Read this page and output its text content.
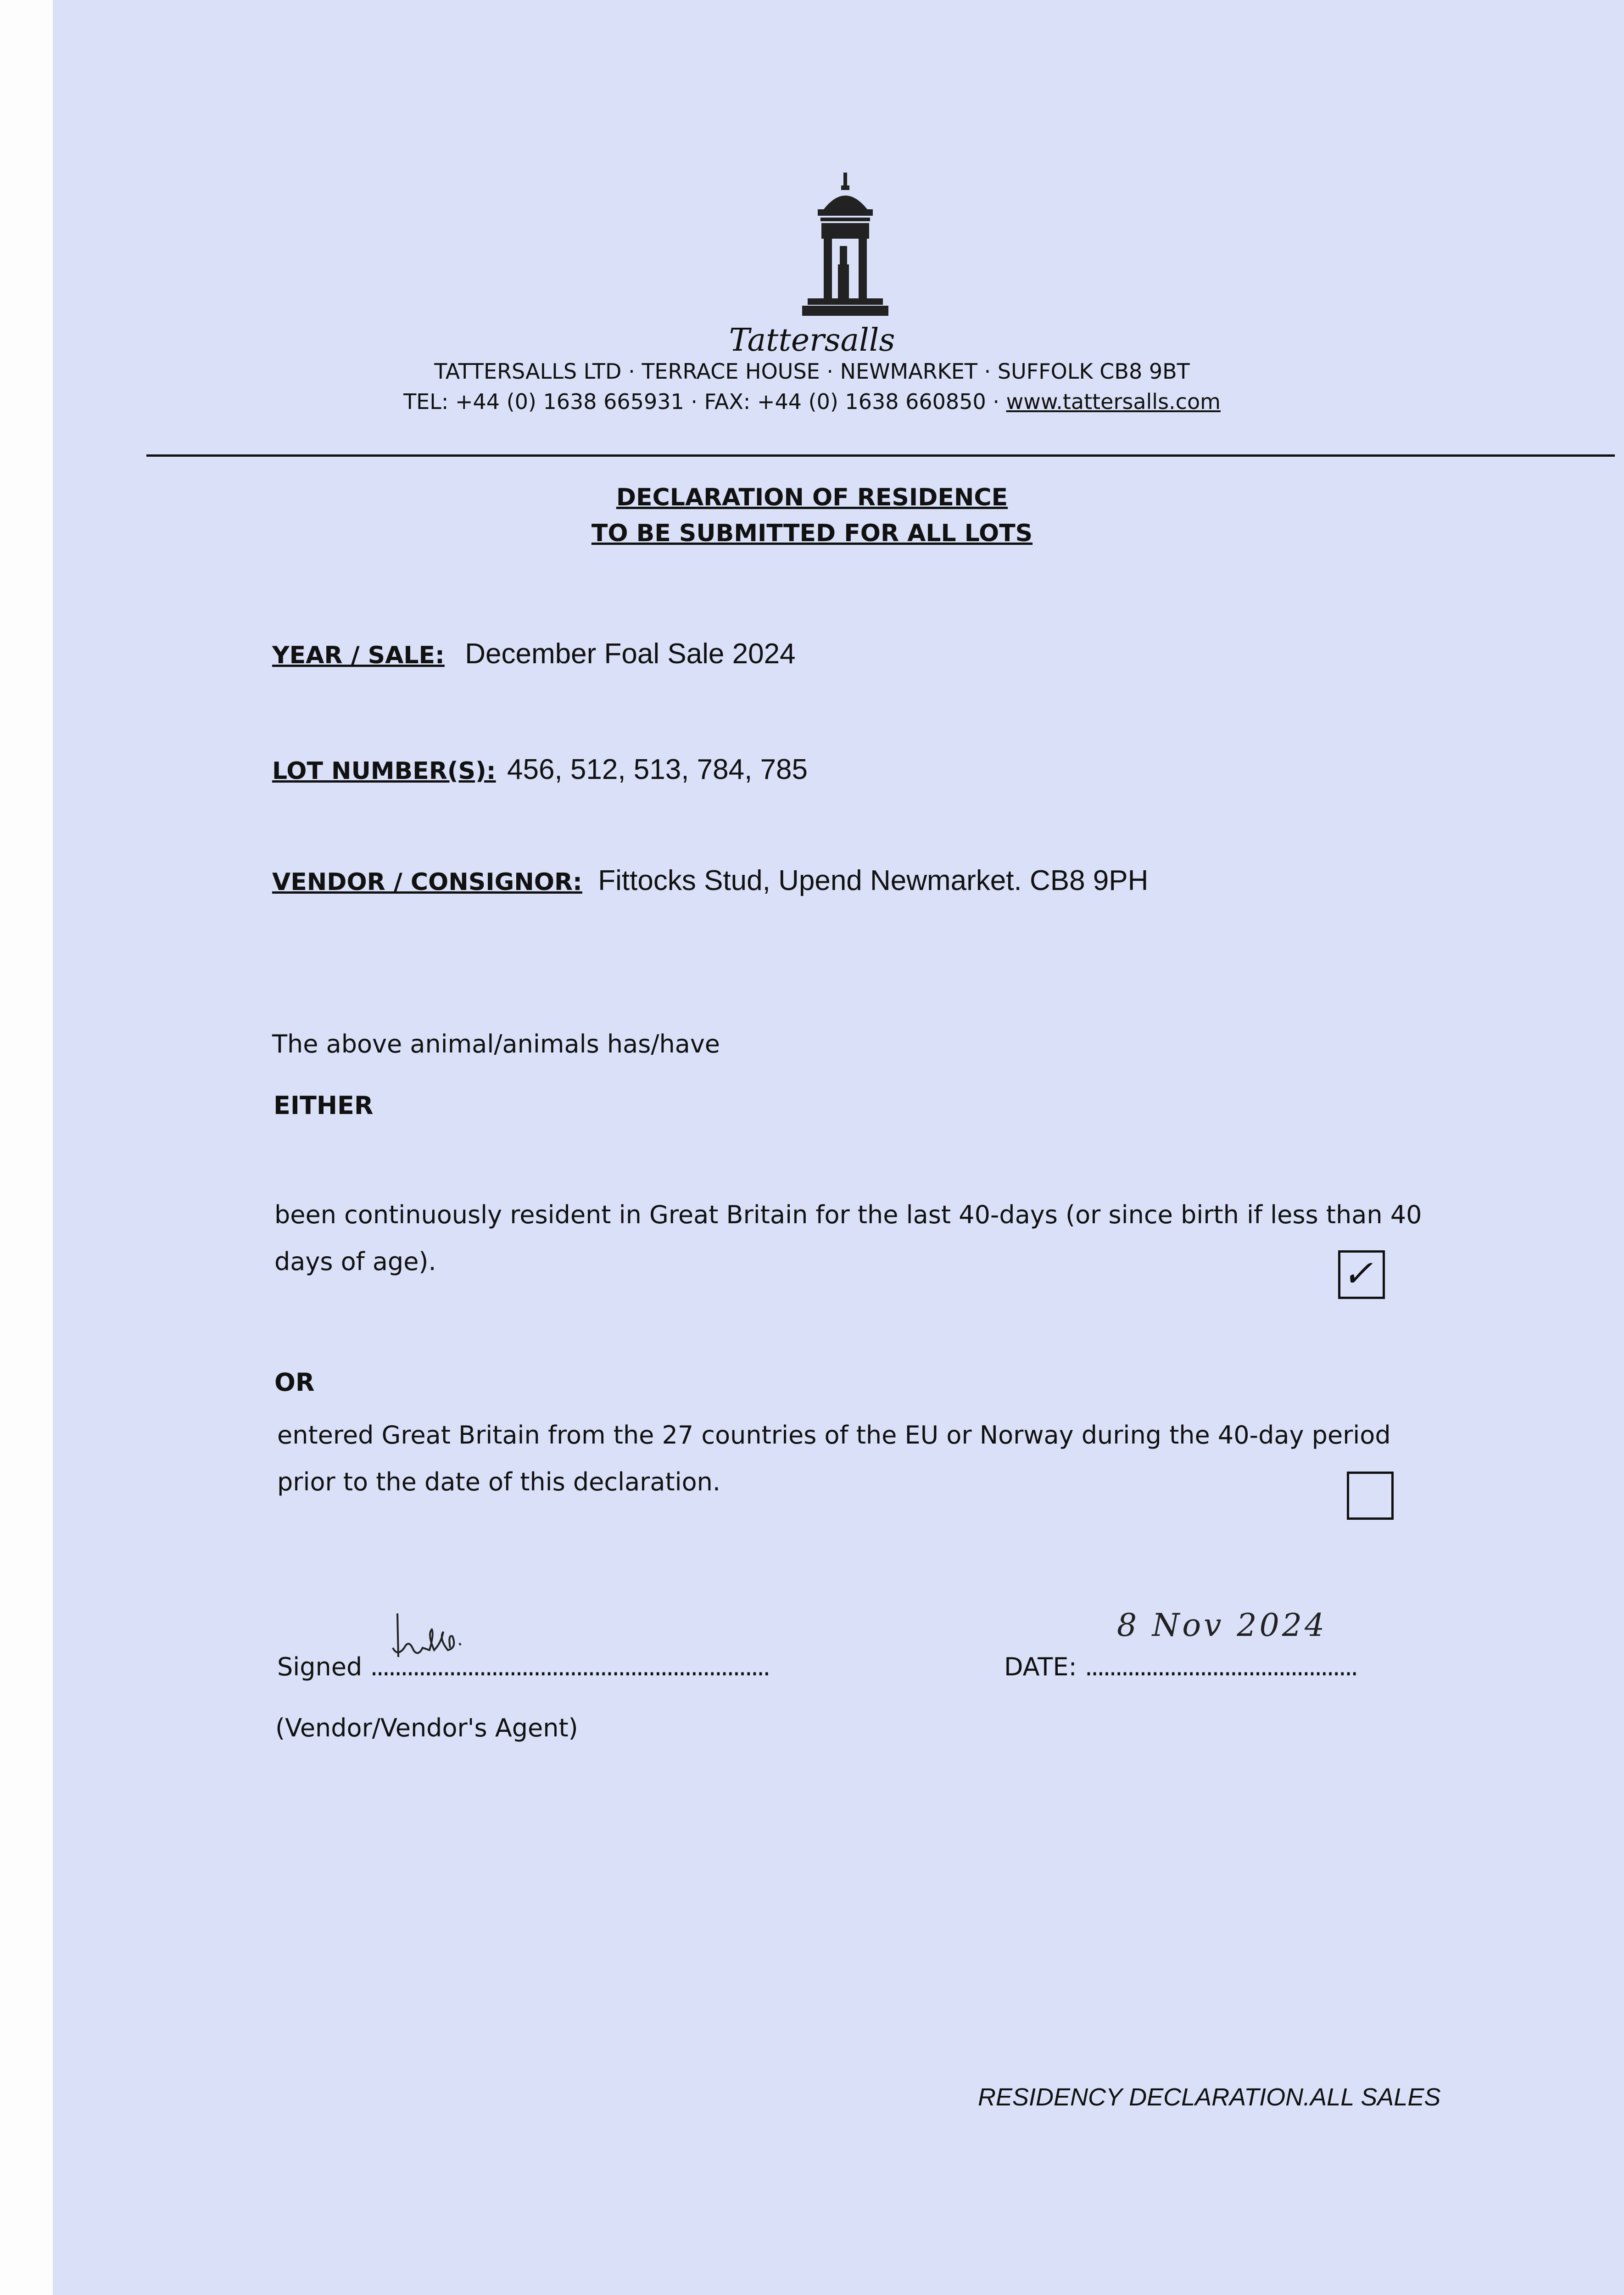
Tattersalls
TATTERSALLS LTD · TERRACE HOUSE · NEWMARKET · SUFFOLK CB8 9BT
TEL: +44 (0) 1638 665931 · FAX: +44 (0) 1638 660850 · www.tattersalls.com
DECLARATION OF RESIDENCE
TO BE SUBMITTED FOR ALL LOTS
YEAR / SALE: December Foal Sale 2024
LOT NUMBER(S): 456, 512, 513, 784, 785
VENDOR / CONSIGNOR: Fittocks Stud, Upend Newmarket. CB8 9PH
The above animal/animals has/have
EITHER
been continuously resident in Great Britain for the last 40-days (or since birth if less than 40
days of age).	✓
OR
entered Great Britain from the 27 countries of the EU or Norway during the 40-day period
prior to the date of this declaration.
Signed ..................................................................	DATE: .............................................
8 Nov 2024
(Vendor/Vendor's Agent)
RESIDENCY DECLARATION.ALL SALES
